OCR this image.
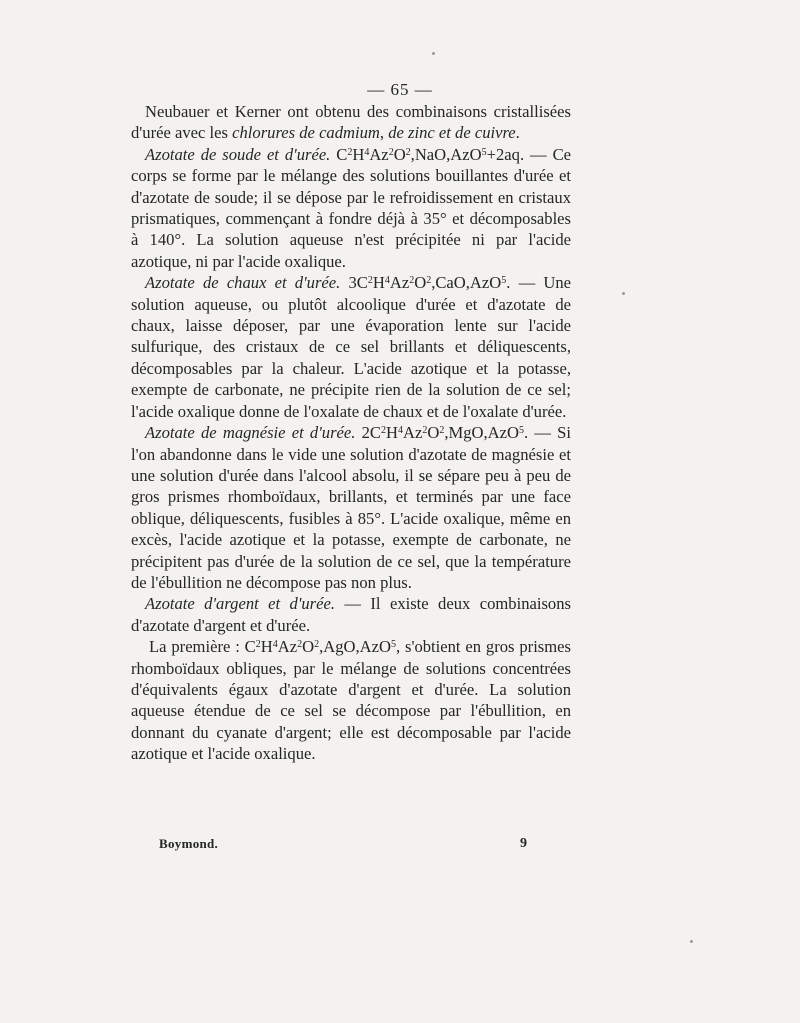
— 65 —

Neubauer et Kerner ont obtenu des combinaisons cristallisées d'urée avec les chlorures de cadmium, de zinc et de cuivre.

Azotate de soude et d'urée. $C^2H^4Az^2O^2,NaO,AzO^5+2aq$. — Ce corps se forme par le mélange des solutions bouillantes d'urée et d'azotate de soude; il se dépose par le refroidissement en cristaux prismatiques, commençant à fondre déjà à 35° et décomposables à 140°. La solution aqueuse n'est précipitée ni par l'acide azotique, ni par l'acide oxalique.

Azotate de chaux et d'urée. $3C^2H^4Az^2O^2,CaO,AzO^5$. — Une solution aqueuse, ou plutôt alcoolique d'urée et d'azotate de chaux, laisse déposer, par une évaporation lente sur l'acide sulfurique, des cristaux de ce sel brillants et déliquescents, décomposables par la chaleur. L'acide azotique et la potasse, exempte de carbonate, ne précipite rien de la solution de ce sel; l'acide oxalique donne de l'oxalate de chaux et de l'oxalate d'urée.

Azotate de magnésie et d'urée. $2C^2H^4Az^2O^2,MgO,AzO^5$. — Si l'on abandonne dans le vide une solution d'azotate de magnésie et une solution d'urée dans l'alcool absolu, il se sépare peu à peu de gros prismes rhomboïdaux, brillants, et terminés par une face oblique, déliquescents, fusibles à 85°. L'acide oxalique, même en excès, l'acide azotique et la potasse, exempte de carbonate, ne précipitent pas d'urée de la solution de ce sel, que la température de l'ébullition ne décompose pas non plus.

Azotate d'argent et d'urée. — Il existe deux combinaisons d'azotate d'argent et d'urée.

La première : $C^2H^4Az^2O^2,AgO,AzO^5$, s'obtient en gros prismes rhomboïdaux obliques, par le mélange de solutions concentrées d'équivalents égaux d'azotate d'argent et d'urée. La solution aqueuse étendue de ce sel se décompose par l'ébullition, en donnant du cyanate d'argent; elle est décomposable par l'acide azotique et l'acide oxalique.

Boymond.	9
